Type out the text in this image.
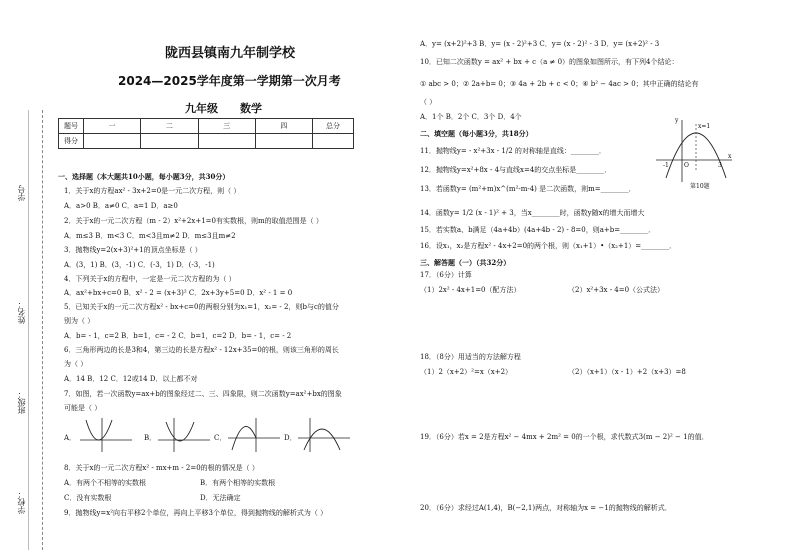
学号
姓名：
班级：
学校：
陇西县镇南九年制学校
2024—2025学年度第一学期第一次月考
九年级 数学
题号	一	二	三	四	总分
得分					
一、选择题（本大题共10小题，每小题3分，共30分）
1．关于x的方程ax² - 3x+2=0是一元二次方程，则（ ）
A．a>0 B．a≠0 C．a=1 D．a≥0
2．关于x的一元二次方程（m - 2）x²+2x+1=0有实数根，则m的取值范围是（ ）
A．m≤3 B．m<3 C．m<3且m≠2 D．m≤3且m≠2
3．抛物线y=2(x+3)²+1的顶点坐标是（ ）
A．(3，1) B．(3，-1) C．(-3，1) D．(-3，-1)
4．下列关于x的方程中，一定是一元二次方程的为（ ）
A．ax²+bx+c=0 B．x² - 2 = (x+3)² C．2x+3y+5=0 D．x² - 1 = 0
5．已知关于x的一元二次方程x² - bx+c=0的两根分别为x₁=1，x₂= - 2，则b与c的值分
别为（ ）
A．b= - 1，c=2 B．b=1，c= - 2 C．b=1，c=2 D．b= - 1，c= - 2
6．三角形两边的长是3和4，第三边的长是方程x² - 12x+35=0的根，则该三角形的周长
为（ ）
A．14 B．12 C．12或14 D．以上都不对
7．如图，若一次函数y=ax+b的图象经过二、三、四象限，则二次函数y=ax²+bx的图象
可能是（ ）
A．	B．	C．	D．
8．关于x的一元二次方程x² - mx+m - 2=0的根的情况是（ ）
A．有两个不相等的实数根	B．有两个相等的实数根
C．没有实数根	D．无法确定
9．抛物线y=x²向右平移2个单位，再向上平移3个单位，得到抛物线的解析式为（ ）
A．y= (x+2)²+3 B．y= (x - 2)²+3 C．y= (x - 2)² - 3 D．y= (x+2)² - 3
10．已知二次函数y = ax² + bx + c（a ≠ 0）的图象如图所示，有下列4个结论：
① abc > 0；② 2a+b= 0；③ 4a + 2b + c < 0；④ b² − 4ac > 0；其中正确的结论有
（ ）
A．1个 B．2个 C．3个 D．4个
x=1
y
O	3
x
-1
第10题
二、填空题（每小题3分，共18分）
11．抛物线y= - x²+3x - 1/2 的对称轴是直线：________．
12．抛物线y=x²+8x - 4与直线x=4的交点坐标是________．
13．若函数y= (m²+m)x^(m²-m-4) 是二次函数，则m=________．
14．函数y= 1/2 (x - 1)² + 3，当x________时，函数y随x的增大而增大
15．若实数a、b满足（4a+4b）(4a+4b - 2) - 8=0，则a+b=________．
16．设x₁，x₂是方程x² - 4x+2=0的两个根，则（x₁+1）•（x₂+1）=________．
三、解答题（一）（共32分）
17．（6分）计算
（1）2x² - 4x+1=0（配方法）	（2）x²+3x - 4=0（公式法）
18．（8分）用适当的方法解方程
（1）2（x+2）²=x（x+2）	（2）（x+1）（x - 1）+2（x+3）=8
19．（6分）若x = 2是方程x² − 4mx + 2m² = 0的一个根，求代数式3(m − 2)² − 1的值．
20．（6分）求经过A(1,4)，B(−2,1)两点，对称轴为x = −1的抛物线的解析式．
